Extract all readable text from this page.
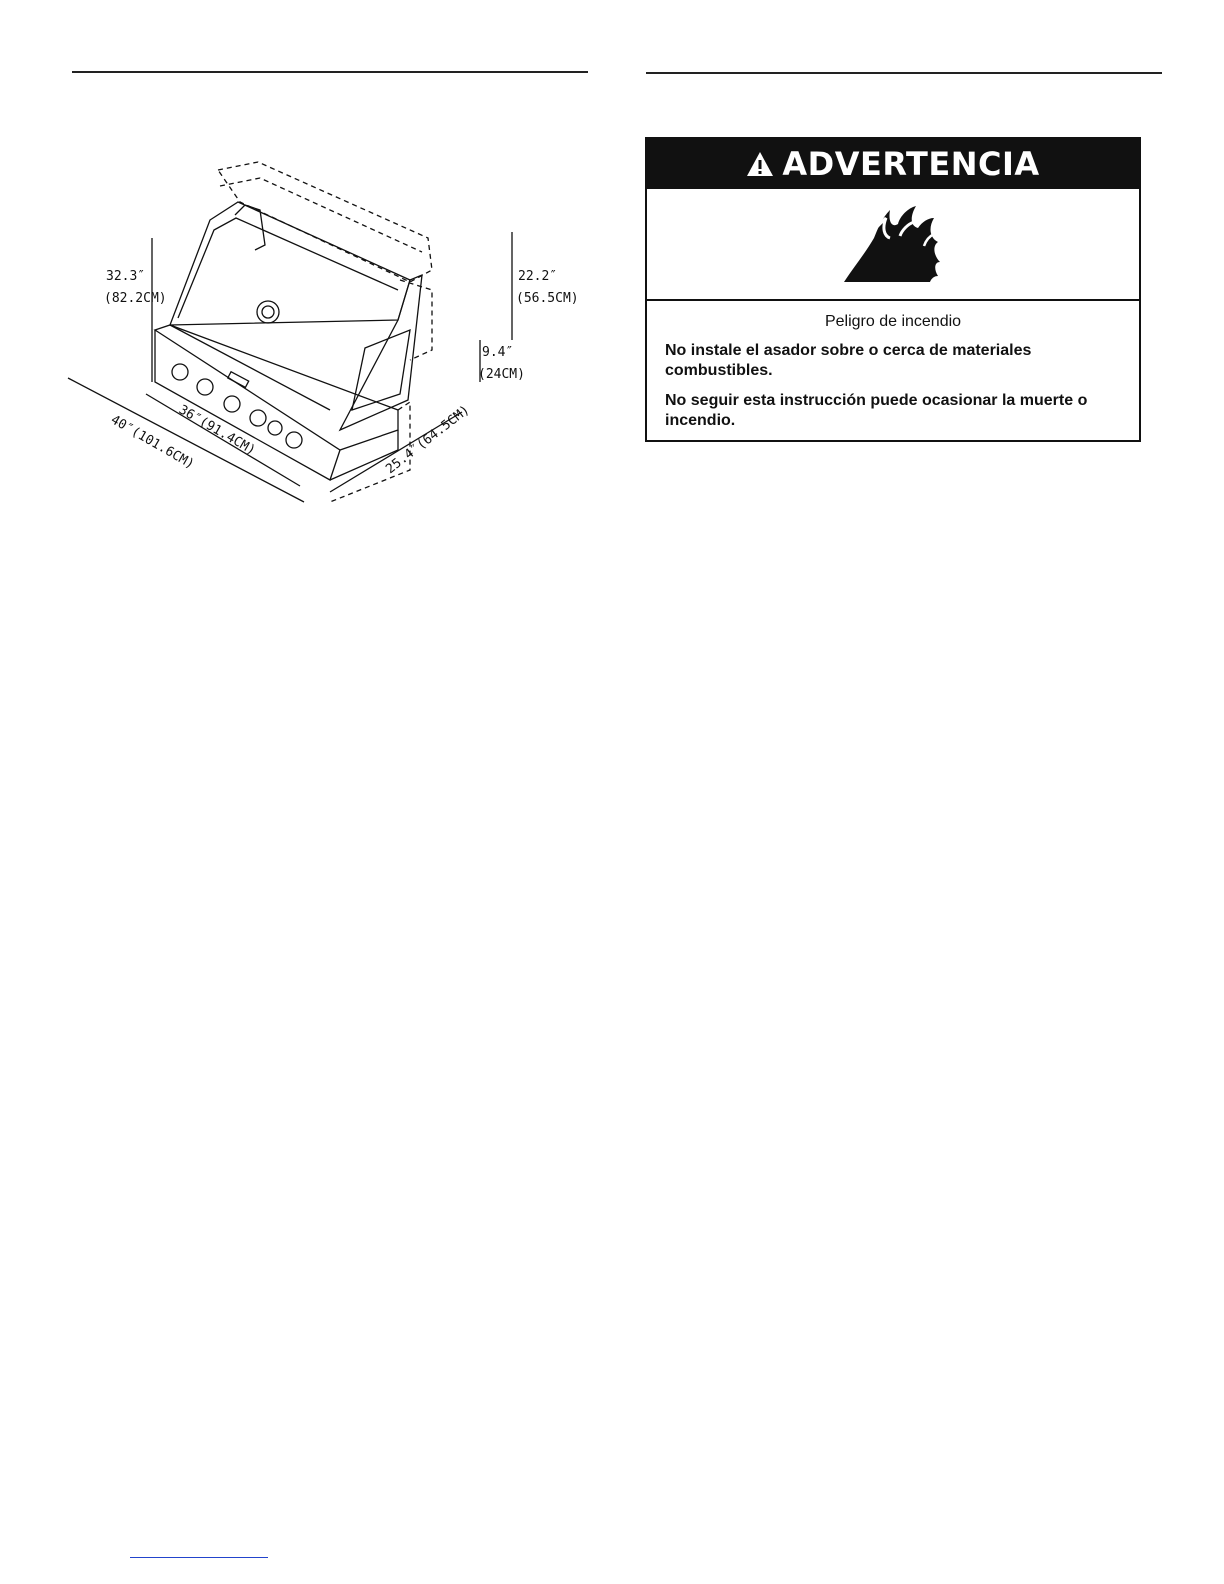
32.3″
(82.2CM)
22.2″
(56.5CM)
9.4″
(24CM)
40″(101.6CM)
36″(91.4CM)	25.4″(64.5CM)
ADVERTENCIA

Peligro de incendio

No instale el asador sobre o cerca de materiales combustibles.

No seguir esta instrucción puede ocasionar la muerte o incendio.
